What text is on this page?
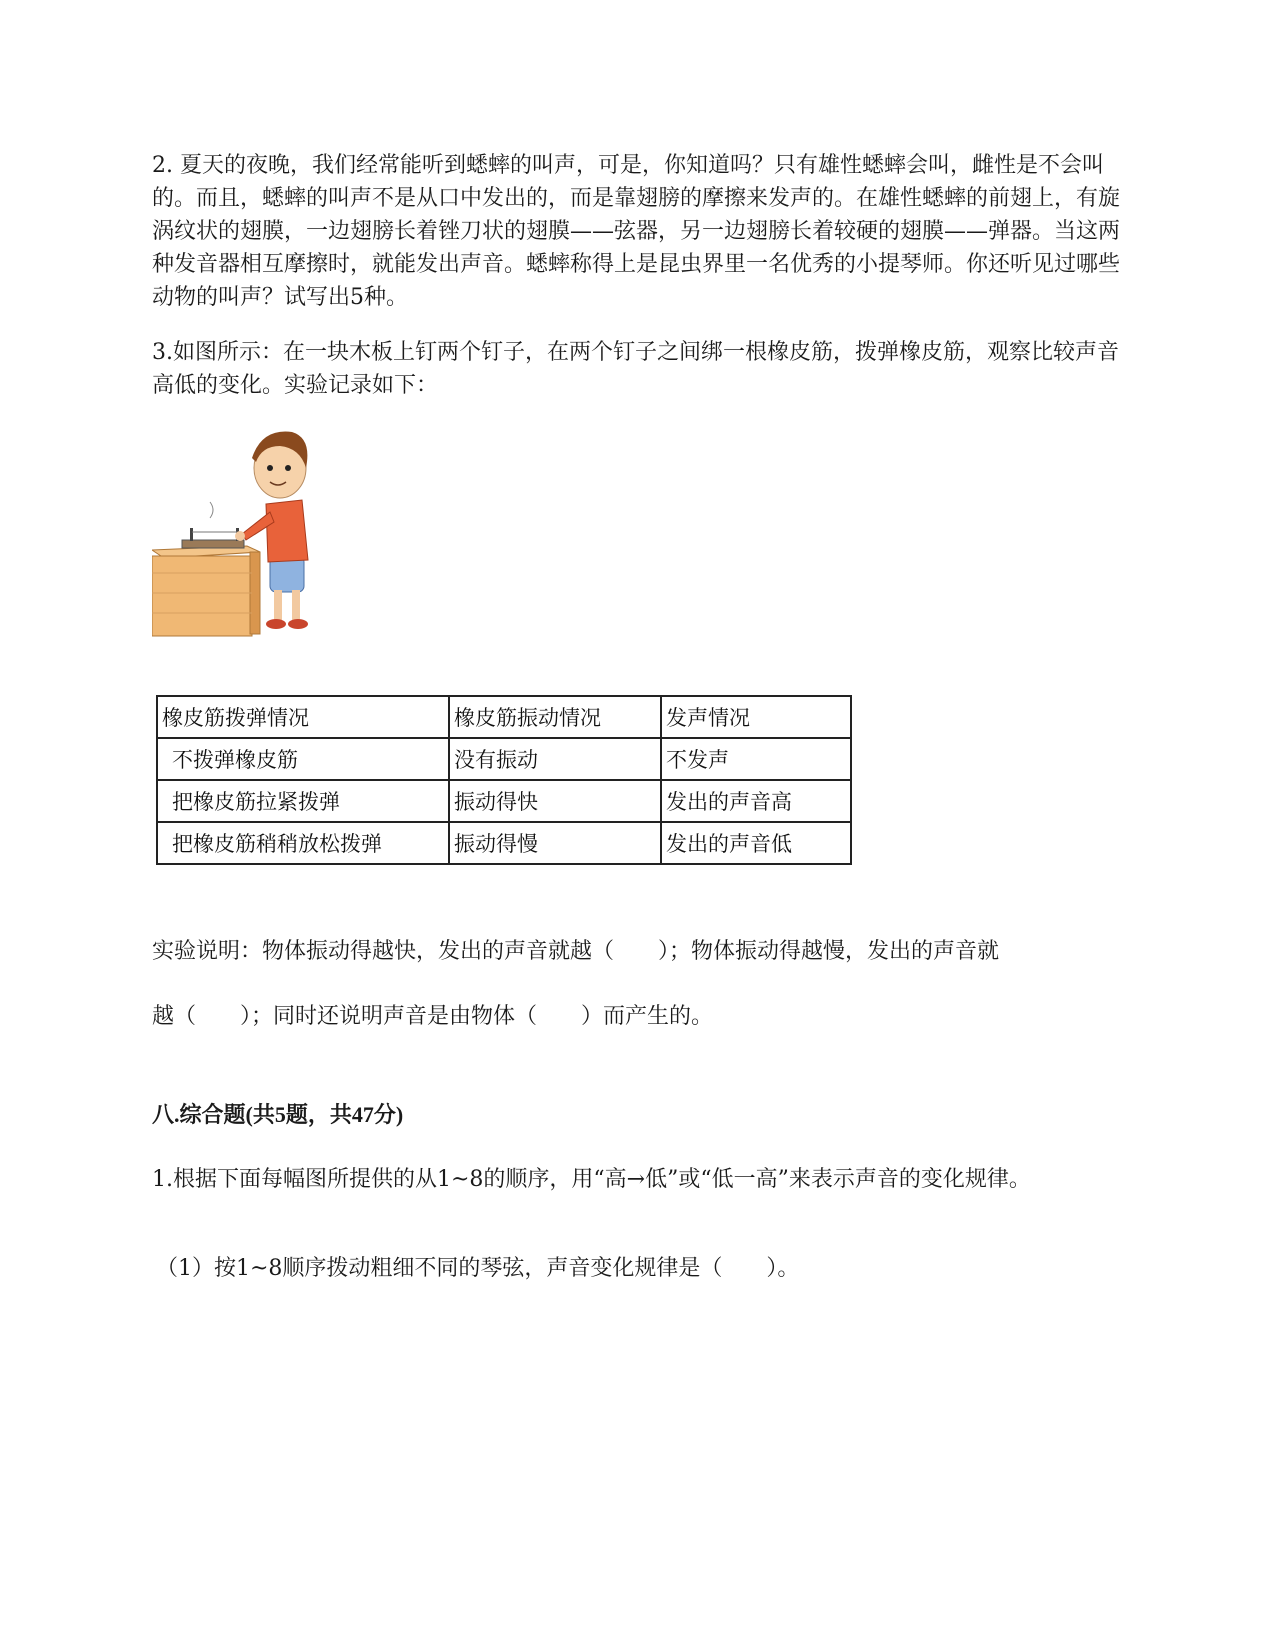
2. 夏天的夜晚，我们经常能听到蟋蟀的叫声，可是，你知道吗？只有雄性蟋蟀会叫，雌性是不会叫的。而且，蟋蟀的叫声不是从口中发出的，而是靠翅膀的摩擦来发声的。在雄性蟋蟀的前翅上，有旋涡纹状的翅膜，一边翅膀长着锉刀状的翅膜——弦器，另一边翅膀长着较硬的翅膜——弹器。当这两种发音器相互摩擦时，就能发出声音。蟋蟀称得上是昆虫界里一名优秀的小提琴师。你还听见过哪些动物的叫声？试写出5种。

3.如图所示：在一块木板上钉两个钉子，在两个钉子之间绑一根橡皮筋，拨弹橡皮筋，观察比较声音高低的变化。实验记录如下：

橡皮筋拨弹情况	橡皮筋振动情况	发声情况
不拨弹橡皮筋	没有振动	不发声
把橡皮筋拉紧拨弹	振动得快	发出的声音高
把橡皮筋稍稍放松拨弹	振动得慢	发出的声音低

实验说明：物体振动得越快，发出的声音就越（　　）；物体振动得越慢，发出的声音就

越（　　）；同时还说明声音是由物体（　　）而产生的。

八.综合题(共5题，共47分)

1.根据下面每幅图所提供的从1~8的顺序，用“高→低”或“低一高”来表示声音的变化规律。

（1）按1~8顺序拨动粗细不同的琴弦，声音变化规律是（　　）。
